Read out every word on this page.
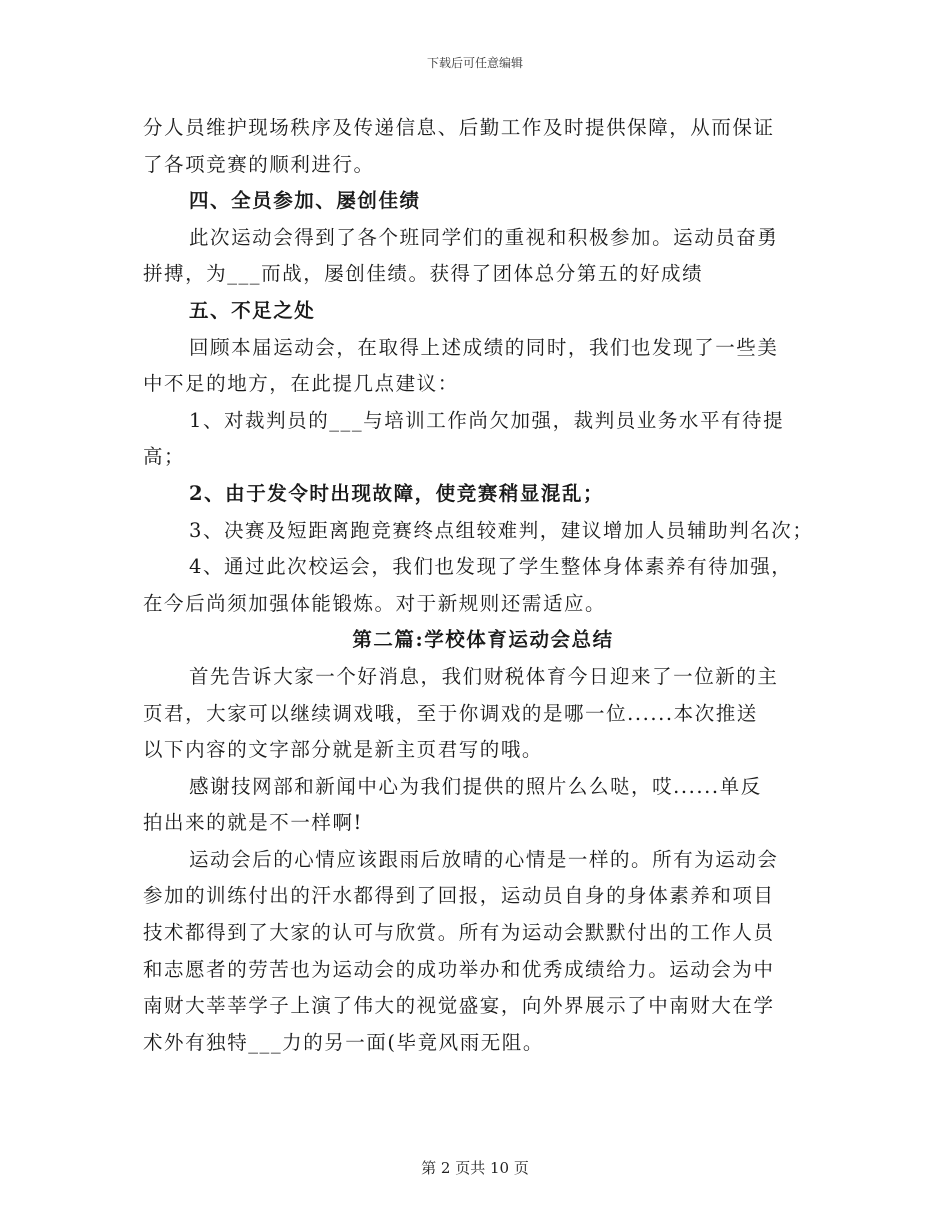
下载后可任意编辑

分人员维护现场秩序及传递信息、后勤工作及时提供保障，从而保证

了各项竞赛的顺利进行。

四、全员参加、屡创佳绩

此次运动会得到了各个班同学们的重视和积极参加。运动员奋勇

拼搏，为___而战，屡创佳绩。获得了团体总分第五的好成绩

五、不足之处

回顾本届运动会，在取得上述成绩的同时，我们也发现了一些美

中不足的地方，在此提几点建议：

1、对裁判员的___与培训工作尚欠加强，裁判员业务水平有待提

高；

2、由于发令时出现故障，使竞赛稍显混乱；

3、决赛及短距离跑竞赛终点组较难判，建议增加人员辅助判名次；

4、通过此次校运会，我们也发现了学生整体身体素养有待加强，

在今后尚须加强体能锻炼。对于新规则还需适应。

第二篇:学校体育运动会总结

首先告诉大家一个好消息，我们财税体育今日迎来了一位新的主

页君，大家可以继续调戏哦，至于你调戏的是哪一位......本次推送

以下内容的文字部分就是新主页君写的哦。

感谢技网部和新闻中心为我们提供的照片么么哒，哎......单反

拍出来的就是不一样啊!

运动会后的心情应该跟雨后放晴的心情是一样的。所有为运动会

参加的训练付出的汗水都得到了回报，运动员自身的身体素养和项目

技术都得到了大家的认可与欣赏。所有为运动会默默付出的工作人员

和志愿者的劳苦也为运动会的成功举办和优秀成绩给力。运动会为中

南财大莘莘学子上演了伟大的视觉盛宴，向外界展示了中南财大在学

术外有独特___力的另一面(毕竟风雨无阻。

第 2 页共 10 页
